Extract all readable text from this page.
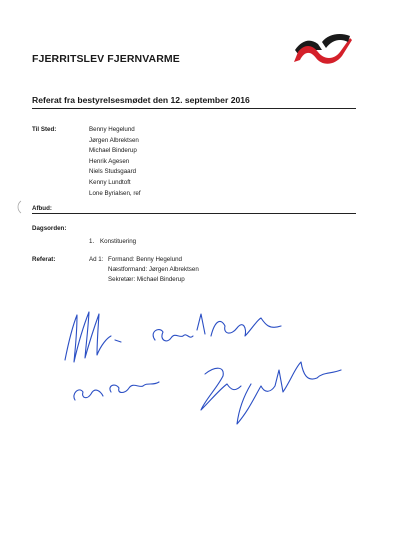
FJERRITSLEV FJERNVARME
Referat fra bestyrelsesmødet den 12. september 2016
Til Sted:	Benny Hegelund
Jørgen Albrektsen
Michael Binderup
Henrik Agesen
Niels Studsgaard
Kenny Lundtoft
Lone Byrialsen, ref
Afbud:
Dagsorden:
1. Konstituering
Referat:	Ad 1: Formand: Benny Hegelund
Næstformand: Jørgen Albrektsen
Sekretær: Michael Binderup
